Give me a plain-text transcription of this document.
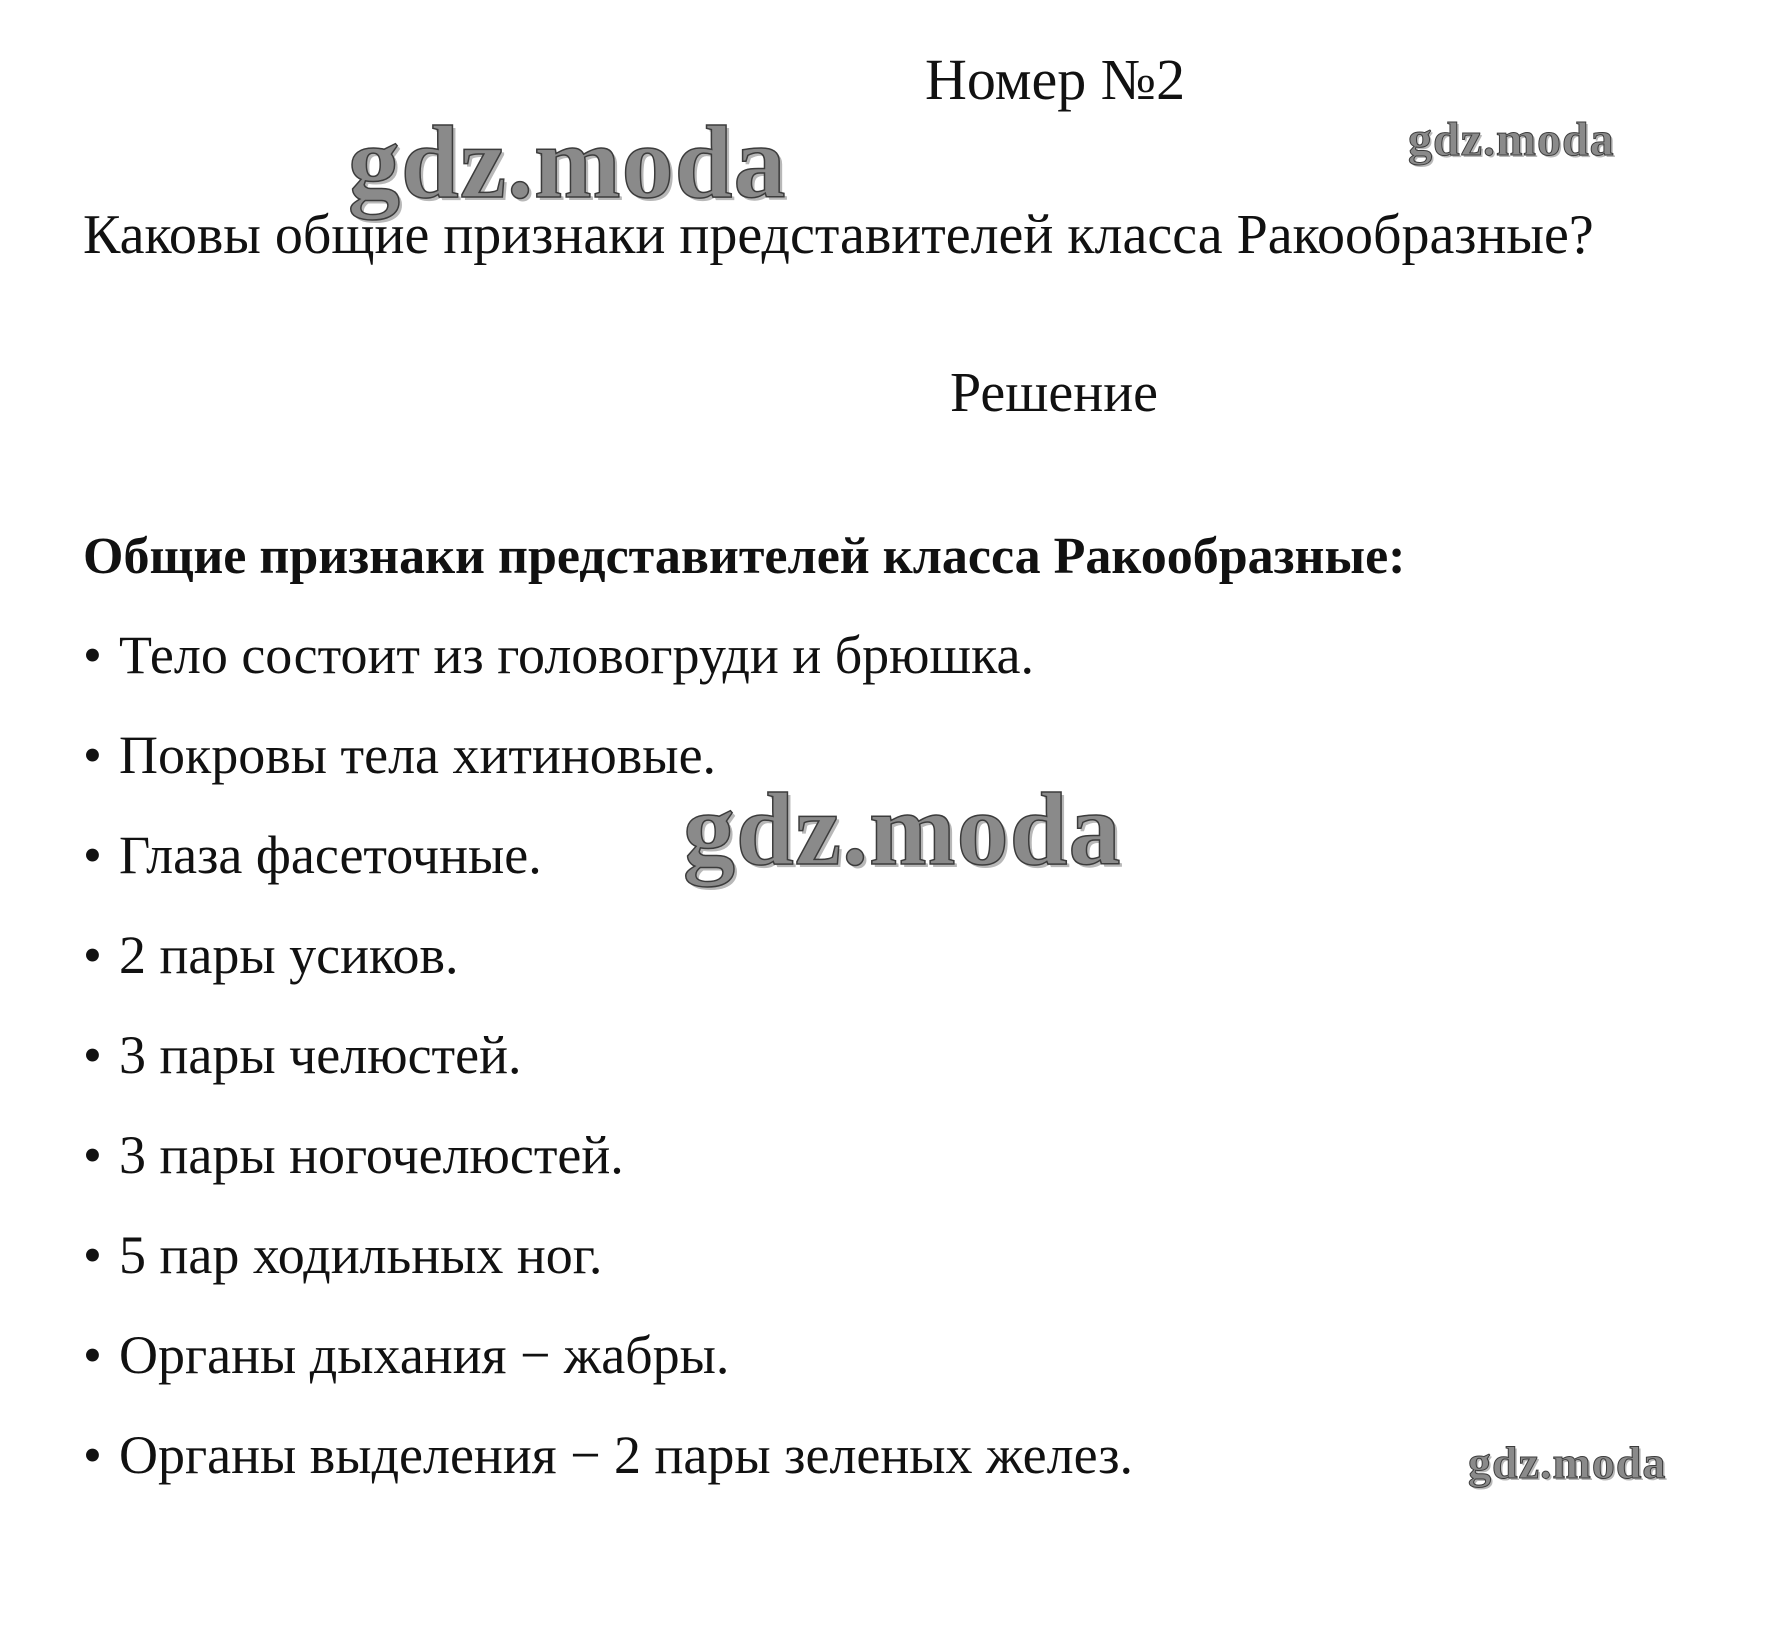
Номер №2
gdz.moda	gdz.moda
Каковы общие признаки представителей класса Ракообразные?
Решение
Общие признаки представителей класса Ракообразные:
• Тело состоит из головогруди и брюшка.
• Покровы тела хитиновые.
• Глаза фасеточные.
• 2 пары усиков.
• 3 пары челюстей.
• 3 пары ногочелюстей.
• 5 пар ходильных ног.
• Органы дыхания − жабры.
• Органы выделения − 2 пары зеленых желез.
gdz.moda
gdz.moda
